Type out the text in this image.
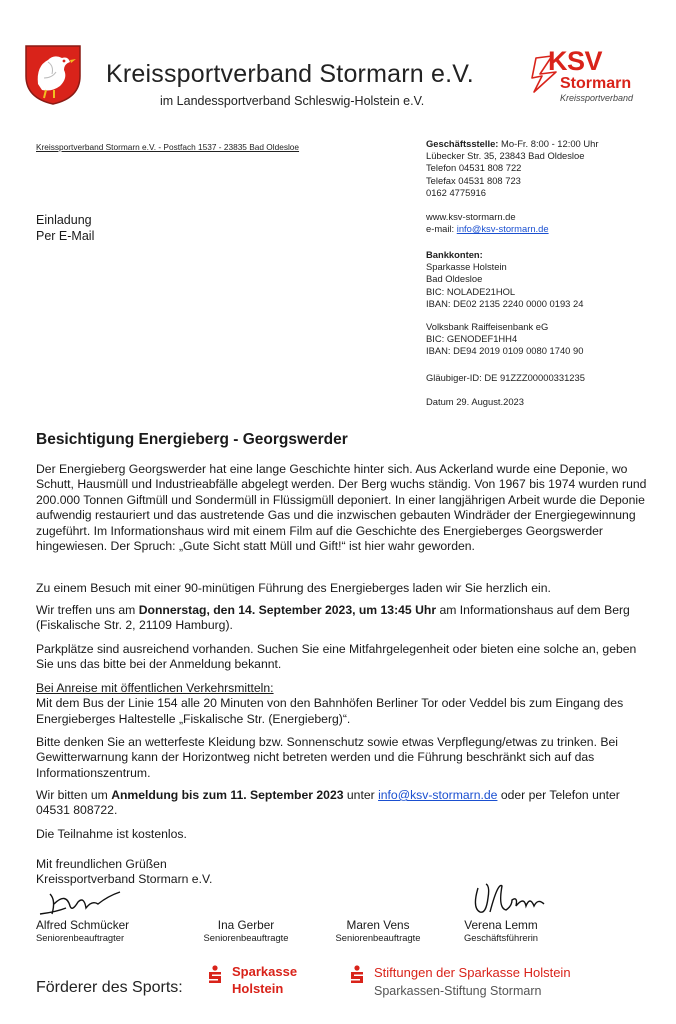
Kreissportverband Stormarn e.V.
im Landessportverband Schleswig-Holstein e.V.
KSV
Stormarn
Kreissportverband
Kreissportverband Stormarn e.V. - Postfach 1537 - 23835 Bad Oldesloe	Geschäftsstelle: Mo-Fr. 8:00 - 12:00 Uhr
Lübecker Str. 35, 23843 Bad Oldesloe
Telefon 04531 808 722
Telefax 04531 808 723
0162 4775916
www.ksv-stormarn.de
e-mail: info@ksv-stormarn.de
Bankkonten:
Sparkasse Holstein
Bad Oldesloe
BIC: NOLADE21HOL
IBAN: DE02 2135 2240 0000 0193 24
Volksbank Raiffeisenbank eG
BIC: GENODEF1HH4
IBAN: DE94 2019 0109 0080 1740 90
Gläubiger-ID: DE 91ZZZ00000331235
Datum 29. August.2023
Einladung
Per E-Mail
Besichtigung Energieberg - Georgswerder
Der Energieberg Georgswerder hat eine lange Geschichte hinter sich. Aus Ackerland wurde eine Deponie, wo Schutt, Hausmüll und Industrieabfälle abgelegt werden. Der Berg wuchs ständig. Von 1967 bis 1974 wurden rund 200.000 Tonnen Giftmüll und Sondermüll in Flüssigmüll deponiert. In einer langjährigen Arbeit wurde die Deponie aufwendig restauriert und das austretende Gas und die inzwischen gebauten Windräder der Energiegewinnung zugeführt. Im Informationshaus wird mit einem Film auf die Geschichte des Energieberges Georgswerder hingewiesen. Der Spruch: „Gute Sicht statt Müll und Gift!“ ist hier wahr geworden.
Zu einem Besuch mit einer 90-minütigen Führung des Energieberges laden wir Sie herzlich ein.
Wir treffen uns am Donnerstag, den 14. September 2023, um 13:45 Uhr am Informationshaus auf dem Berg (Fiskalische Str. 2, 21109 Hamburg).
Parkplätze sind ausreichend vorhanden. Suchen Sie eine Mitfahrgelegenheit oder bieten eine solche an, geben Sie uns das bitte bei der Anmeldung bekannt.
Bei Anreise mit öffentlichen Verkehrsmitteln:
Mit dem Bus der Linie 154 alle 20 Minuten von den Bahnhöfen Berliner Tor oder Veddel bis zum Eingang des Energieberges Haltestelle „Fiskalische Str. (Energieberg)“.
Bitte denken Sie an wetterfeste Kleidung bzw. Sonnenschutz sowie etwas Verpflegung/etwas zu trinken. Bei Gewitterwarnung kann der Horizontweg nicht betreten werden und die Führung beschränkt sich auf das Informationszentrum.
Wir bitten um Anmeldung bis zum 11. September 2023 unter info@ksv-stormarn.de oder per Telefon unter 04531 808722.
Die Teilnahme ist kostenlos.
Mit freundlichen Grüßen
Kreissportverband Stormarn e.V.
Alfred Schmücker
Seniorenbeauftragter
Ina Gerber
Seniorenbeauftragte
Maren Vens
Seniorenbeauftragte
Verena Lemm
Geschäftsführerin
Förderer des Sports:
Sparkasse
Holstein
Stiftungen der Sparkasse Holstein
Sparkassen-Stiftung Stormarn
